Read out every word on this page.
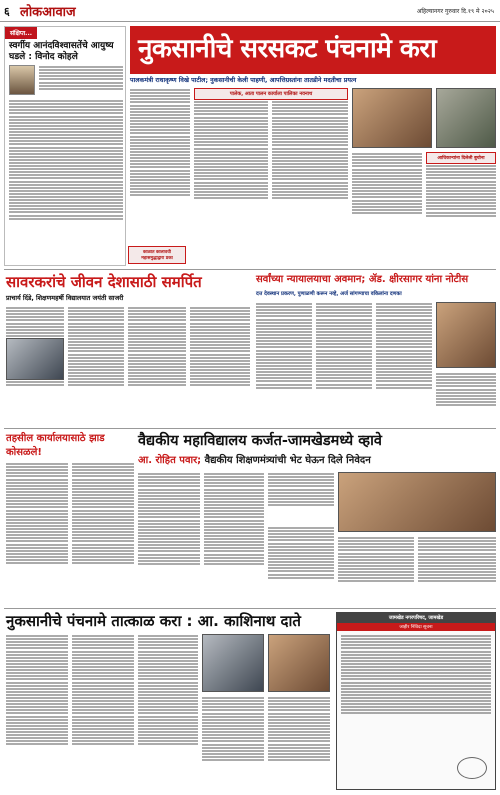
६ लोकआवाज	अहिल्यानगर गुरुवार दि.१९ मे २०२५
संक्षिप्त...
स्वर्गीय आनंदविश्वासतेंचे आयुष्य घडले : विनोद कोहले	नुकसानीचे सरसकट पंचनामे करा
पालकमंत्री राधाकृष्ण विखे पाटील; नुकसानीची केली पाहणी, आपत्तिग्रस्तांना तातडीने मदतीचा प्रयत्न
पालेक, आता पालन कार्याला पालिका नवनाथ
आधिकाऱ्यांना दिलेली बुचोना
सावरकरांचे जीवन देशासाठी समर्पित
प्राचार्य दिंडे, शिक्षणमहर्षी विद्यालयात जयंती साजरी
काळात कालावधी महासमुद्धाद्वारा प्रका
सर्वांच्या न्यायालयाचा अवमान; ॲड. क्षीरसागर यांना नोटीस
दत्त देवस्थान प्रकरण, पुणाळणी करून नव्हे, अर्ज सांगण्याचा वकिलांना दणका
वैद्यकीय महाविद्यालय कर्जत-जामखेडमध्ये व्हावे
आ. रोहित पवार; वैद्यकीय शिक्षणमंत्र्यांची भेट घेऊन दिले निवेदन
तहसील कार्यालयासाठे झाड कोसळले!
नुकसानीचे पंचनामे तात्काळ करा : आ. काशिनाथ दाते	जामखेड नगरपरिषद, जामखेड
जाहीर निविदा सूचना
